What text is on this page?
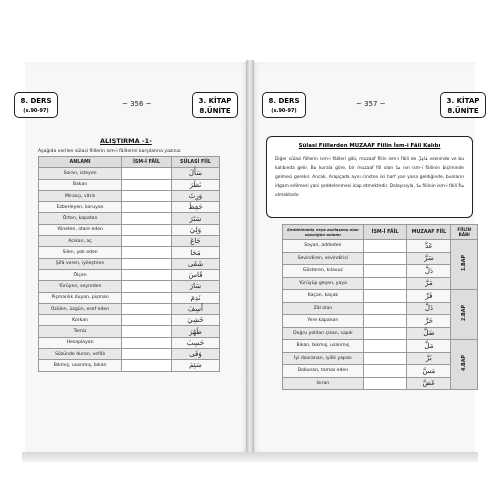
8. DERS
(s.90-97)
~ 356 ~	3. KİTAP
8.ÜNİTE
ALIŞTIRMA -1-
Aşağıda verilen sülasi fiillerin ism-i fâillerini karşılarına yazınız.
ANLAMI	İSM-İ FÂİL	SÜLASİ FİİL
Soran, isteyen		سَأَلَ
Bakan		نَظَرَ
Mirasçı, vâris		وَرِثَ
Ezberleyen, koruyan		حَفِظَ
Örten, kapatan		سَتَرَ
Yöneten, idare eden		وَلِيَ
Acıkan, aç		جَاعَ
Silen, yok eden		مَحَا
Şifâ veren, iyileştiren		شَفَى
Ölçen		قَاسَ
Yürüyen, seyreden		سَارَ
Pişmanlık duyan, pişman		نَدِمَ
Üzülen, üzgün, esef eden		أَسِفَ
Korkan		خَشِيَ
Temiz		طَهُرَ
Hesaplayan		حَسِبَ
Sözünde duran, vefâlı		وَفَى
Bıkmış, usanmış, bıkan		سَئِمَ
8. DERS
(s.90-97)
~ 357 ~	3. KİTAP
8.ÜNİTE
Sülasi Fiillerden MUZAAF Fiilin İsm-i Fâil Kalıbı
Diğer sülasi fiillerin ism-i fâilleri gibi, muzaaf fiilin ism-i fâili de فَاعِلٌ vezninde ve bu kalıbında gelir. Bu kurala göre, bir muzaaf fiil olan مَدَّ nın ism-i fâilinin biçiminde gelmesi gerekir. Ancak, Arapçada aynı cinsten iki harf yan yana geldiğinde, bunların idgam edilmesi yani şeddelenmesi icap etmektedir. Dolayısıyla, مَدَّ fiilinin ism-i fâili مَادٌّ olmaktadır.
Şeddelenmiş veya asıllaşmış olan sözcüğün anlamı	İSM-İ FÂİL	MUZAAF FİİL	FİİLİN BÂBI
Sayan, addeden		عَدَّ	1.BAP
Sevindiren, sevindirici		سَرَّ	
Gösteren, kılavuz		دَلَّ	
Yürüyüp geçen, yaya		مَرَّ	
Kaçan, kaçak		فَرَّ	2.BAP
Zâl olan		ذَلَّ	
Yere kapanan		خَرَّ	
Doğru yoldan çıkan, sapık		ضَلَّ	
Bıkan, bıkmış, usanmış		مَلَّ	4.BAP
İyi davranan, iyilik yapan		بَرَّ	
Dokunan, temas eden		مَسَّ	
Isıran		عَضَّ	
